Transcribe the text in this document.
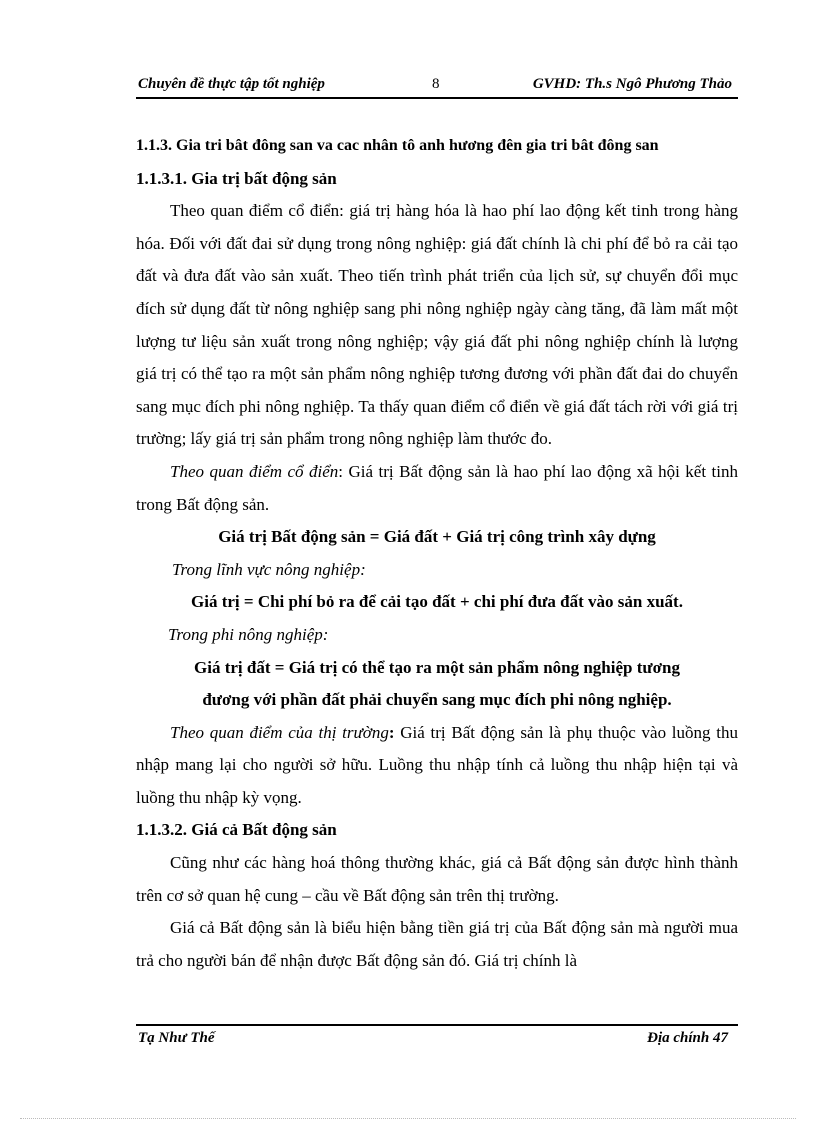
Chuyên đề thực tập tốt nghiệp	8	GVHD: Th.s Ngô Phương Thảo

1.1.3. Gia tri bât đông san va cac nhân tô anh hương đên gia tri bât đông san

1.1.3.1. Gia trị bất động sản

Theo quan điểm cổ điển: giá trị hàng hóa là hao phí lao động kết tinh trong hàng hóa. Đối với đất đai sử dụng trong nông nghiệp: giá đất chính là chi phí để bỏ ra cải tạo đất và đưa đất vào sản xuất. Theo tiến trình phát triển của lịch sử, sự chuyển đổi mục đích sử dụng đất từ nông nghiệp sang phi nông nghiệp ngày càng tăng, đã làm mất một lượng tư liệu sản xuất trong nông nghiệp; vậy giá đất phi nông nghiệp chính là lượng giá trị có thể tạo ra một sản phẩm nông nghiệp tương đương với phần đất đai do chuyển sang mục đích phi nông nghiệp. Ta thấy quan điểm cổ điển về giá đất tách rời với giá trị trường; lấy giá trị sản phẩm trong nông nghiệp làm thước đo.

Theo quan điểm cổ điển: Giá trị Bất động sản là hao phí lao động xã hội kết tinh trong Bất động sản.

Giá trị Bất động sản = Giá đất + Giá trị công trình xây dựng

Trong lĩnh vực nông nghiệp:

Giá trị = Chi phí bỏ ra để cải tạo đất + chi phí đưa đất vào sản xuất.

Trong phi nông nghiệp:

Giá trị đất = Giá trị có thể tạo ra một sản phẩm nông nghiệp tương

đương với phần đất phải chuyển sang mục đích phi nông nghiệp.

Theo quan điểm của thị trường: Giá trị Bất động sản là phụ thuộc vào luồng thu nhập mang lại cho người sở hữu. Luồng thu nhập tính cả luồng thu nhập hiện tại và luồng thu nhập kỳ vọng.

1.1.3.2. Giá cả Bất động sản

Cũng như các hàng hoá thông thường khác, giá cả Bất động sản được hình thành trên cơ sở quan hệ cung – cầu về Bất động sản trên thị trường.

Giá cả Bất động sản là biểu hiện bằng tiền giá trị của Bất động sản mà người mua trả cho người bán để nhận được Bất động sản đó. Giá trị chính là

Tạ Như Thế	Địa chính 47
